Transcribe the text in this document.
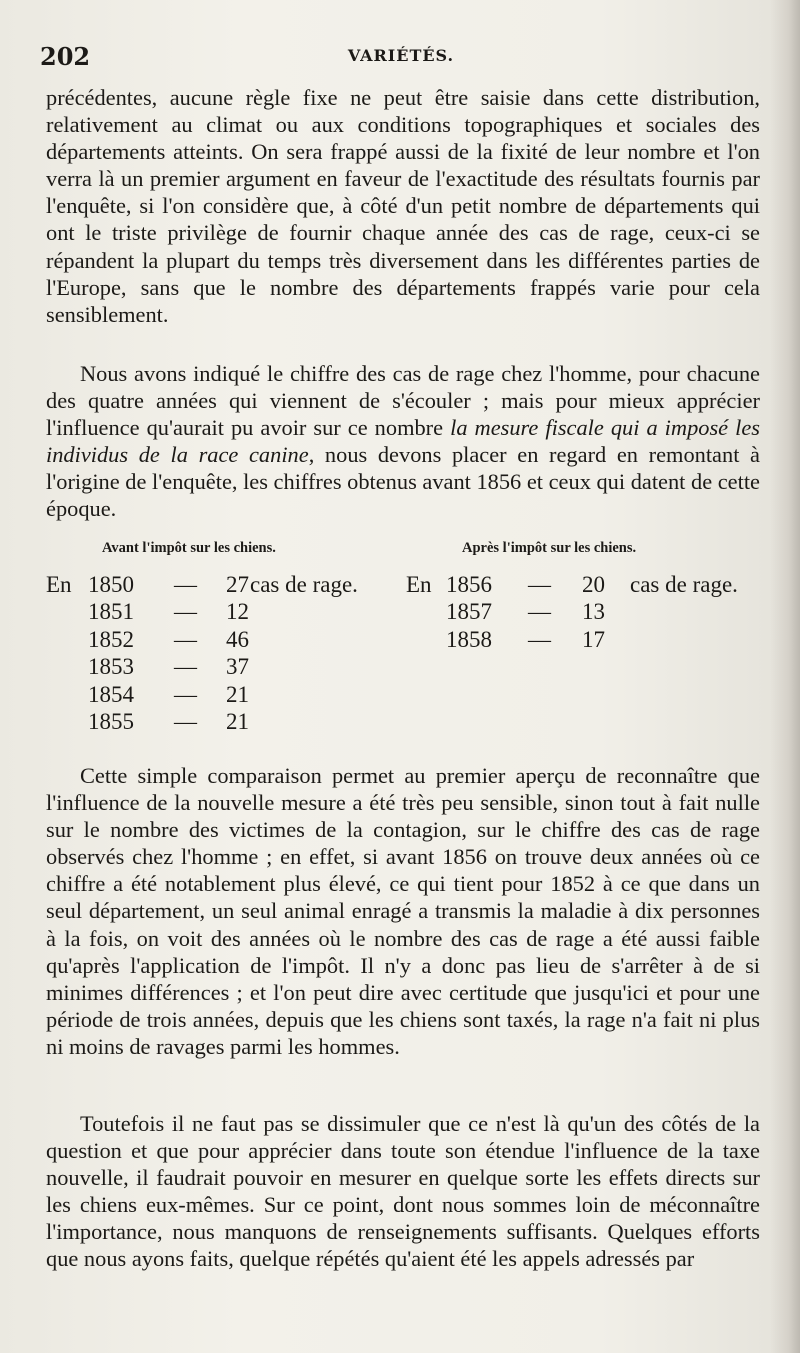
202	VARIÉTÉS.

précédentes, aucune règle fixe ne peut être saisie dans cette distribution, relativement au climat ou aux conditions topographiques et sociales des départements atteints. On sera frappé aussi de la fixité de leur nombre et l'on verra là un premier argument en faveur de l'exactitude des résultats fournis par l'enquête, si l'on considère que, à côté d'un petit nombre de départements qui ont le triste privilège de fournir chaque année des cas de rage, ceux-ci se répandent la plupart du temps très diversement dans les différentes parties de l'Europe, sans que le nombre des départements frappés varie pour cela sensiblement.

Nous avons indiqué le chiffre des cas de rage chez l'homme, pour chacune des quatre années qui viennent de s'écouler ; mais pour mieux apprécier l'influence qu'aurait pu avoir sur ce nombre la mesure fiscale qui a imposé les individus de la race canine, nous devons placer en regard en remontant à l'origine de l'enquête, les chiffres obtenus avant 1856 et ceux qui datent de cette époque.

Avant l'impôt sur les chiens.	Après l'impôt sur les chiens.
En 1850 — 27 cas de rage.
1851 — 12
1852 — 46
1853 — 37
1854 — 21
1855 — 21
En 1856 — 20 cas de rage.
1857 — 13
1858 — 17

Cette simple comparaison permet au premier aperçu de reconnaître que l'influence de la nouvelle mesure a été très peu sensible, sinon tout à fait nulle sur le nombre des victimes de la contagion, sur le chiffre des cas de rage observés chez l'homme ; en effet, si avant 1856 on trouve deux années où ce chiffre a été notablement plus élevé, ce qui tient pour 1852 à ce que dans un seul département, un seul animal enragé a transmis la maladie à dix personnes à la fois, on voit des années où le nombre des cas de rage a été aussi faible qu'après l'application de l'impôt. Il n'y a donc pas lieu de s'arrêter à de si minimes différences ; et l'on peut dire avec certitude que jusqu'ici et pour une période de trois années, depuis que les chiens sont taxés, la rage n'a fait ni plus ni moins de ravages parmi les hommes.

Toutefois il ne faut pas se dissimuler que ce n'est là qu'un des côtés de la question et que pour apprécier dans toute son étendue l'influence de la taxe nouvelle, il faudrait pouvoir en mesurer en quelque sorte les effets directs sur les chiens eux-mêmes. Sur ce point, dont nous sommes loin de méconnaître l'importance, nous manquons de renseignements suffisants. Quelques efforts que nous ayons faits, quelque répétés qu'aient été les appels adressés par
